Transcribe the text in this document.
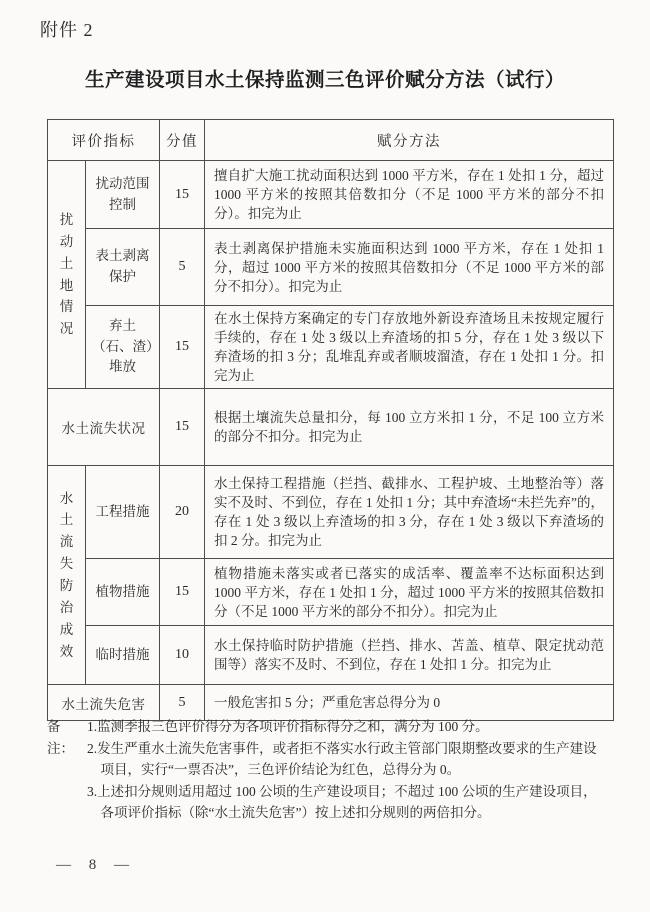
附件 2
生产建设项目水土保持监测三色评价赋分方法（试行）
评价指标		分值	赋分方法
扰动土地情况	扰动范围控制	15	擅自扩大施工扰动面积达到 1000 平方米，存在 1 处扣 1 分，超过 1000 平方米的按照其倍数扣分（不足 1000 平方米的部分不扣分）。扣完为止
	表土剥离保护	5	表土剥离保护措施未实施面积达到 1000 平方米，存在 1 处扣 1 分，超过 1000 平方米的按照其倍数扣分（不足 1000 平方米的部分不扣分）。扣完为止
	弃土（石、渣）堆放	15	在水土保持方案确定的专门存放地外新设弃渣场且未按规定履行手续的，存在 1 处 3 级以上弃渣场的扣 5 分，存在 1 处 3 级以下弃渣场的扣 3 分；乱堆乱弃或者顺坡溜渣，存在 1 处扣 1 分。扣完为止
水土流失状况		15	根据土壤流失总量扣分，每 100 立方米扣 1 分，不足 100 立方米的部分不扣分。扣完为止
水土流失防治成效	工程措施	20	水土保持工程措施（拦挡、截排水、工程护坡、土地整治等）落实不及时、不到位，存在 1 处扣 1 分；其中弃渣场“未拦先弃”的，存在 1 处 3 级以上弃渣场的扣 3 分，存在 1 处 3 级以下弃渣场的扣 2 分。扣完为止
	植物措施	15	植物措施未落实或者已落实的成活率、覆盖率不达标面积达到 1000 平方米，存在 1 处扣 1 分，超过 1000 平方米的按照其倍数扣分（不足 1000 平方米的部分不扣分）。扣完为止
	临时措施	10	水土保持临时防护措施（拦挡、排水、苫盖、植草、限定扰动范围等）落实不及时、不到位，存在 1 处扣 1 分。扣完为止
水土流失危害		5	一般危害扣 5 分；严重危害总得分为 0
备注：
1.监测季报三色评价得分为各项评价指标得分之和，满分为 100 分。
2.发生严重水土流失危害事件，或者拒不落实水行政主管部门限期整改要求的生产建设项目，实行“一票否决”，三色评价结论为红色，总得分为 0。
3.上述扣分规则适用超过 100 公顷的生产建设项目；不超过 100 公顷的生产建设项目，各项评价指标（除“水土流失危害”）按上述扣分规则的两倍扣分。
— 8 —
